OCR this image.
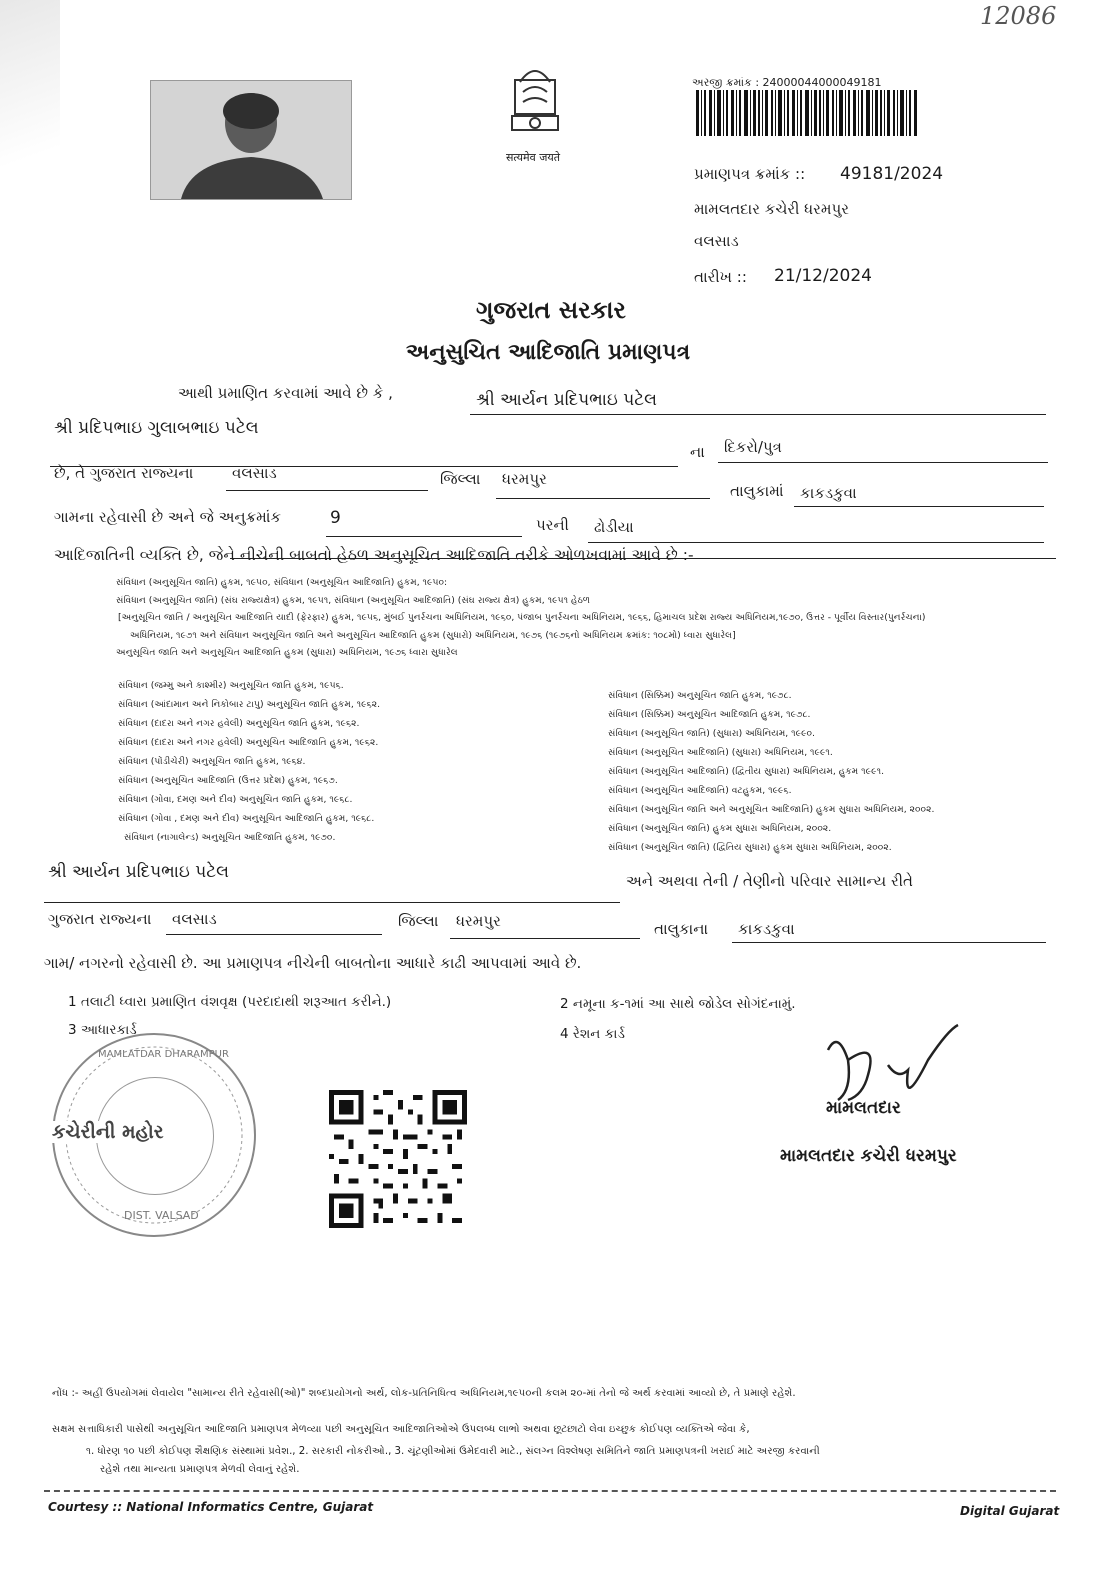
12086
सत्यमेव जयते
અરજી ક્રમાંક : 24000044000049181
પ્રમાણપત્ર ક્રમાંક :: 49181/2024
મામલતદાર કચેરી ધરમપુર
વલસાડ
તારીખ :: 21/12/2024
ગુજરાત સરકાર
અનુસુચિત આદિજાતિ પ્રમાણપત્ર
આથી પ્રમાણિત કરવામાં આવે છે કે ,	શ્રી આર્યન પ્રદિપભાઇ પટેલ
શ્રી પ્રદિપભાઇ ગુલાબભાઇ પટેલ
ના દિકરો/પુત્ર
છે, તે ગુજરાત રાજ્યના	વલસાડ	જિલ્લા ધરમપુર
તાલુકામાં કાકડકુવા
ગામના રહેવાસી છે અને જે અનુક્રમાંક	9	પરની ઢોડીયા
આદિજાતિની વ્યક્તિ છે, જેને નીચેની બાબતો હેઠળ અનુસૂચિત આદિજાતિ તરીકે ઓળખવામાં આવે છે :-
સંવિધાન (અનુસૂચિત જાતિ) હુકમ, ૧૯૫૦, સંવિધાન (અનુસૂચિત આદિજાતિ) હુકમ, ૧૯૫૦:
સંવિધાન (અનુસૂચિત જાતિ) (સંઘ રાજ્યક્ષેત્ર) હુકમ, ૧૯૫૧, સંવિધાન (અનુસૂચિત આદિજાતિ) (સંઘ રાજ્ય ક્ષેત્ર) હુકમ, ૧૯૫૧ હેઠળ
[અનુસૂચિત જાતિ / અનુસૂચિત આદિજાતિ યાદી (ફેરફાર) હુકમ, ૧૯૫૬, મુંબઈ પુનર્રચના અધિનિયમ, ૧૯૬૦, પંજાબ પુનર્રચના અધિનિયમ, ૧૯૬૬, હિમાચલ પ્રદેશ રાજ્ય અધિનિયમ,૧૯૭૦, ઉત્તર - પૂર્વીય વિસ્તાર(પુનર્રચના)
અધિનિયમ, ૧૯૭૧ અને સંવિધાન અનુસૂચિત જાતિ અને અનુસૂચિત આદિજાતિ હુકમ (સુધારો) અધિનિયમ, ૧૯૭૬ (૧૯૭૬નો અધિનિયમ ક્રમાંક: ૧૦૮મો) ધ્વારા સુધારેલ]
અનુસૂચિત જાતિ અને અનુસૂચિત આદિજાતિ હુકમ (સુધારા) અધિનિયમ, ૧૯૭૬ ધ્વારા સુધારેલ
સંવિધાન (જમ્મુ અને કાશ્મીર) અનુસૂચિત જાતિ હુકમ, ૧૯૫૬.
સંવિધાન (આંદામાન અને નિકોબાર ટાપુ) અનુસૂચિત જાતિ હુકમ, ૧૯૬૨.
સંવિધાન (દાદરા અને નગર હવેલી) અનુસૂચિત જાતિ હુકમ, ૧૯૬૨.
સંવિધાન (દાદરા અને નગર હવેલી) અનુસૂચિત આદિજાતિ હુકમ, ૧૯૬૨.
સંવિધાન (પોંડીચેરી) અનુસૂચિત જાતિ હુકમ, ૧૯૬૪.
સંવિધાન (અનુસૂચિત આદિજાતિ (ઉત્તર પ્રદેશ) હુકમ, ૧૯૬૭.
સંવિધાન (ગોવા, દમણ અને દીવ) અનુસૂચિત જાતિ હુકમ, ૧૯૬૮.
સંવિધાન (ગોવા , દમણ અને દીવ) અનુસૂચિત આદિજાતિ હુકમ, ૧૯૬૮.
સંવિધાન (નાગાલેન્ડ) અનુસૂચિત આદિજાતિ હુકમ, ૧૯૭૦.
સંવિધાન (સિક્કિમ) અનુસૂચિત જાતિ હુકમ, ૧૯૭૮.
સંવિધાન (સિક્કિમ) અનુસૂચિત આદિજાતિ હુકમ, ૧૯૭૮.
સંવિધાન (અનુસૂચિત જાતિ) (સુધારા) અધિનિયમ, ૧૯૯૦.
સંવિધાન (અનુસૂચિત આદિજાતિ) (સુધારા) અધિનિયમ, ૧૯૯૧.
સંવિધાન (અનુસૂચિત આદિજાતિ) (દ્વિતીય સુધારા) અધિનિયમ, હુકમ ૧૯૯૧.
સંવિધાન (અનુસૂચિત આદિજાતિ) વટહુકમ, ૧૯૯૬.
સંવિધાન (અનુસૂચિત જાતિ અને અનુસૂચિત આદિજાતિ) હુકમ સુધારા અધિનિયમ, ૨૦૦૨.
સંવિધાન (અનુસૂચિત જાતિ) હુકમ સુધારા અધિનિયમ, ૨૦૦૨.
સંવિધાન (અનુસૂચિત જાતિ) (દ્વિતિય સુધારા) હુકમ સુધારા અધિનિયમ, ૨૦૦૨.
શ્રી આર્યન પ્રદિપભાઇ પટેલ	અને અથવા તેની / તેણીનો પરિવાર સામાન્ય રીતે
ગુજરાત રાજ્યના વલસાડ	જિલ્લા ધરમપુર	તાલુકાના કાકડકુવા
ગામ/ નગરનો રહેવાસી છે. આ પ્રમાણપત્ર નીચેની બાબતોના આધારે કાઢી આપવામાં આવે છે.
1 તલાટી ધ્વારા પ્રમાણિત વંશવૃક્ષ (પરદાદાથી શરૂઆત કરીને.)	2 નમૂના ક-૧માં આ સાથે જોડેલ સોગંદનામું.
3 આધારકાર્ડ	4 રેશન કાર્ડ
કચેરીની મહોર
MAMLATDAR DHARAMPUR
DIST. VALSAD
મામલતદાર
મામલતદાર કચેરી ધરમપુર
નોંધ :- અહીં ઉપયોગમાં લેવાયેલ "સામાન્ય રીતે રહેવાસી(ઓ)" શબ્દપ્રયોગનો અર્થ, લોક-પ્રતિનિધિત્વ અધિનિયમ,૧૯૫૦ની કલમ ૨૦-માં તેનો જે અર્થ કરવામાં આવ્યો છે, તે પ્રમાણે રહેશે.
સક્ષમ સત્તાધિકારી પાસેથી અનુસૂચિત આદિજાતિ પ્રમાણપત્ર મેળવ્યા પછી અનુસૂચિત આદિજાતિઓએ ઉપલબ્ધ લાભો અથવા છૂટછાટો લેવા ઇચ્છુક કોઈપણ વ્યક્તિએ જેવા કે,
૧. ધોરણ ૧૦ પછી કોઈપણ શૈક્ષણિક સંસ્થામાં પ્રવેશ., 2. સરકારી નોકરીઓ., 3. ચૂંટણીઓમાં ઉમેદવારી માટે., સંલગ્ન વિશ્લેષણ સમિતિને જાતિ પ્રમાણપત્રની ખરાઈ માટે અરજી કરવાની
રહેશે તથા માન્યતા પ્રમાણપત્ર મેળવી લેવાનું રહેશે.
Courtesy :: National Informatics Centre, Gujarat	Digital Gujarat
